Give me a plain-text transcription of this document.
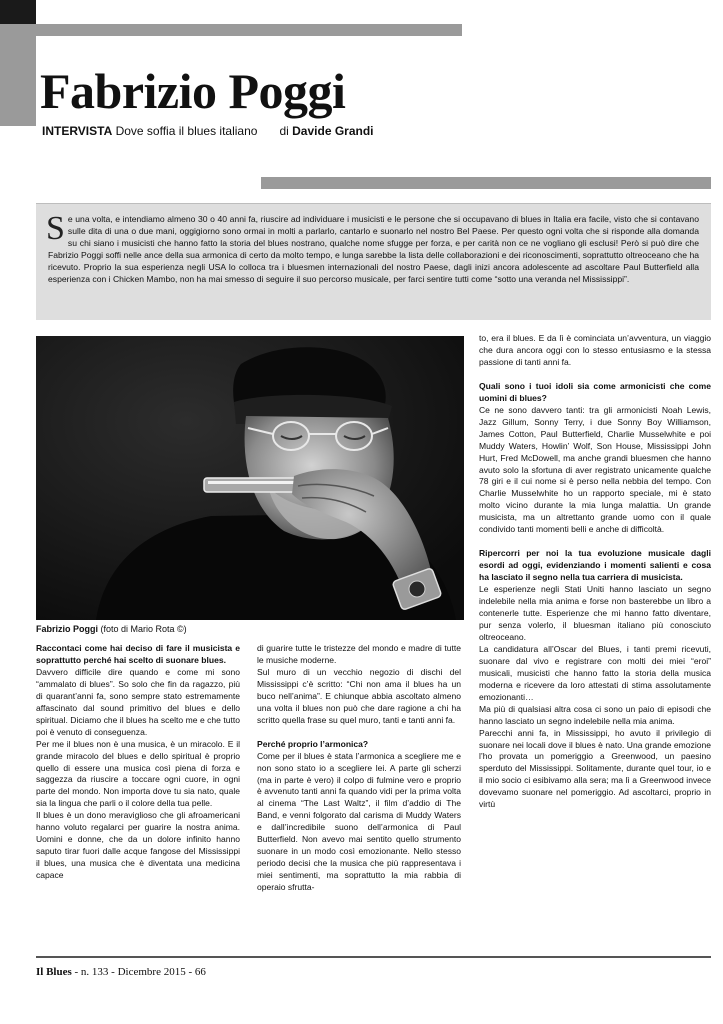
Fabrizio Poggi
INTERVISTA Dove soffia il blues italiano di Davide Grandi
Se una volta, e intendiamo almeno 30 o 40 anni fa, riuscire ad individuare i musicisti e le persone che si occupavano di blues in Italia era facile, visto che si contavano sulle dita di una o due mani, oggigiorno sono ormai in molti a parlarlo, cantarlo e suonarlo nel nostro Bel Paese. Per questo ogni volta che si risponde alla domanda su chi siano i musicisti che hanno fatto la storia del blues nostrano, qualche nome sfugge per forza, e per carità non ce ne vogliano gli esclusi! Però si può dire che Fabrizio Poggi soffi nelle ance della sua armonica di certo da molto tempo, e lunga sarebbe la lista delle collaborazioni e dei riconoscimenti, soprattutto oltreoceano che ha ricevuto. Proprio la sua esperienza negli USA lo colloca tra i bluesmen internazionali del nostro Paese, dagli inizi ancora adolescente ad ascoltare Paul Butterfield alla esperienza con i Chicken Mambo, non ha mai smesso di seguire il suo percorso musicale, per farci sentire tutti come “sotto una veranda nel Mississippi”.
Fabrizio Poggi (foto di Mario Rota ©)

Raccontaci come hai deciso di fare il musicista e soprattutto perché hai scelto di suonare blues.

Davvero difficile dire quando e come mi sono “ammalato di blues”. So solo che fin da ragazzo, più di quarant’anni fa, sono sempre stato estremamente affascinato dal sound primitivo del blues e dello spiritual. Diciamo che il blues ha scelto me e che tutto poi è venuto di conseguenza.

Per me il blues non è una musica, è un miracolo. E il grande miracolo del blues e dello spiritual è proprio quello di essere una musica così piena di forza e saggezza da riuscire a toccare ogni cuore, in ogni parte del mondo. Non importa dove tu sia nato, quale sia la lingua che parli o il colore della tua pelle.

Il blues è un dono meraviglioso che gli afroamericani hanno voluto regalarci per guarire la nostra anima. Uomini e donne, che da un dolore infinito hanno saputo tirar fuori dalle acque fangose del Mississippi il blues, una musica che è diventata una medicina capace

di guarire tutte le tristezze del mondo e madre di tutte le musiche moderne.

Sul muro di un vecchio negozio di dischi del Mississippi c’è scritto: “Chi non ama il blues ha un buco nell’anima”. E chiunque abbia ascoltato almeno una volta il blues non può che dare ragione a chi ha scritto quella frase su quel muro, tanti e tanti anni fa.

Perché proprio l’armonica?

Come per il blues è stata l’armonica a scegliere me e non sono stato io a scegliere lei. A parte gli scherzi (ma in parte è vero) il colpo di fulmine vero e proprio è avvenuto tanti anni fa quando vidi per la prima volta al cinema “The Last Waltz”, il film d’addio di The Band, e venni folgorato dal carisma di Muddy Waters e dall’incredibile suono dell’armonica di Paul Butterfield. Non avevo mai sentito quello strumento suonare in un modo così emozionante. Nello stesso periodo decisi che la musica che più rappresentava i miei sentimenti, ma soprattutto la mia rabbia di operaio sfrutta-

to, era il blues. E da lì è cominciata un’avventura, un viaggio che dura ancora oggi con lo stesso entusiasmo e la stessa passione di tanti anni fa.

Quali sono i tuoi idoli sia come armonicisti che come uomini di blues?

Ce ne sono davvero tanti: tra gli armonicisti Noah Lewis, Jazz Gillum, Sonny Terry, i due Sonny Boy Williamson, James Cotton, Paul Butterfield, Charlie Musselwhite e poi Muddy Waters, Howlin’ Wolf, Son House, Mississippi John Hurt, Fred McDowell, ma anche grandi bluesmen che hanno avuto solo la sfortuna di aver registrato unicamente qualche 78 giri e il cui nome si è perso nella nebbia del tempo. Con Charlie Musselwhite ho un rapporto speciale, mi è stato molto vicino durante la mia lunga malattia. Un grande musicista, ma un altrettanto grande uomo con il quale condivido tanti momenti belli e anche di difficoltà.

Ripercorri per noi la tua evoluzione musicale dagli esordi ad oggi, evidenziando i momenti salienti e cosa ha lasciato il segno nella tua carriera di musicista.

Le esperienze negli Stati Uniti hanno lasciato un segno indelebile nella mia anima e forse non basterebbe un libro a contenerle tutte. Esperienze che mi hanno fatto diventare, pur senza volerlo, il bluesman italiano più conosciuto oltreoceano.

La candidatura all’Oscar del Blues, i tanti premi ricevuti, suonare dal vivo e registrare con molti dei miei “eroi” musicali, musicisti che hanno fatto la storia della musica moderna e ricevere da loro attestati di stima assolutamente emozionanti…

Ma più di qualsiasi altra cosa ci sono un paio di episodi che hanno lasciato un segno indelebile nella mia anima.

Parecchi anni fa, in Mississippi, ho avuto il privilegio di suonare nei locali dove il blues è nato. Una grande emozione l’ho provata un pomeriggio a Greenwood, un paesino sperduto del Mississippi. Solitamente, durante quel tour, io e il mio socio ci esibivamo alla sera; ma lì a Greenwood invece dovevamo suonare nel pomeriggio. Ad ascoltarci, proprio in virtù

Il Blues - n. 133 - Dicembre 2015 - 66
